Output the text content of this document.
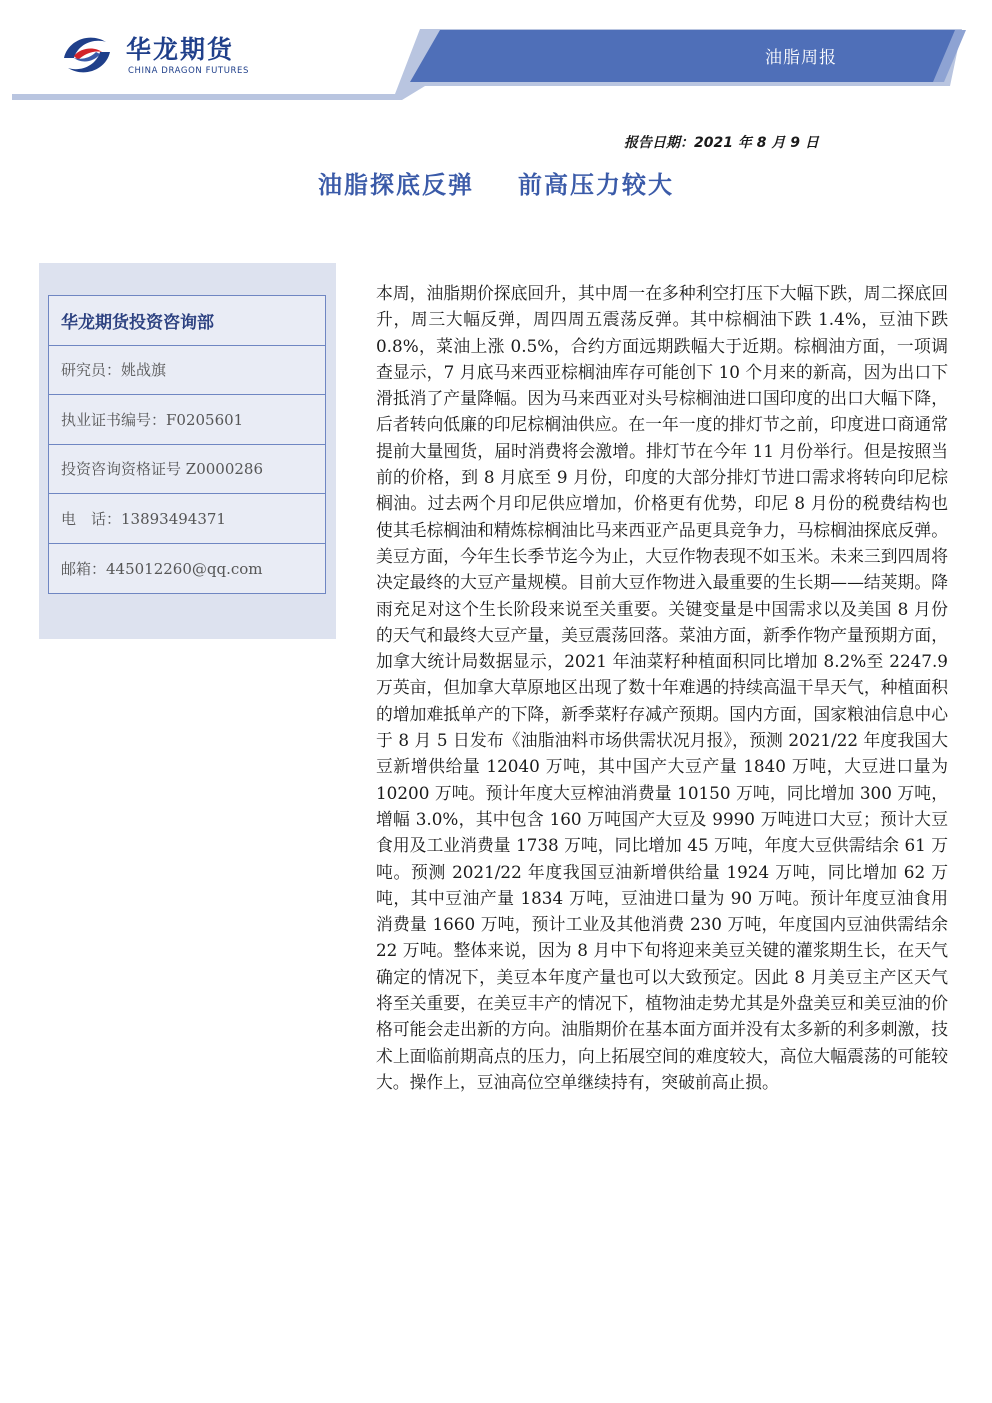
油脂周报
华龙期货
CHINA DRAGON FUTURES
报告日期：2021 年 8 月 9 日
油脂探底反弹 前高压力较大
华龙期货投资咨询部
研究员：姚战旗
执业证书编号：F0205601
投资咨询资格证号 Z0000286
电　话：13893494371
邮箱：445012260@qq.com

本周，油脂期价探底回升，其中周一在多种利空打压下大幅下跌，周二探底回升，周三大幅反弹，周四周五震荡反弹。其中棕榈油下跌 1.4%，豆油下跌 0.8%，菜油上涨 0.5%，合约方面远期跌幅大于近期。棕榈油方面，一项调查显示，7 月底马来西亚棕榈油库存可能创下 10 个月来的新高，因为出口下滑抵消了产量降幅。因为马来西亚对头号棕榈油进口国印度的出口大幅下降，后者转向低廉的印尼棕榈油供应。在一年一度的排灯节之前，印度进口商通常提前大量囤货，届时消费将会激增。排灯节在今年 11 月份举行。但是按照当前的价格，到 8 月底至 9 月份，印度的大部分排灯节进口需求将转向印尼棕榈油。过去两个月印尼供应增加，价格更有优势，印尼 8 月份的税费结构也使其毛棕榈油和精炼棕榈油比马来西亚产品更具竞争力，马棕榈油探底反弹。美豆方面，今年生长季节迄今为止，大豆作物表现不如玉米。未来三到四周将决定最终的大豆产量规模。目前大豆作物进入最重要的生长期——结荚期。降雨充足对这个生长阶段来说至关重要。关键变量是中国需求以及美国 8 月份的天气和最终大豆产量，美豆震荡回落。菜油方面，新季作物产量预期方面，加拿大统计局数据显示，2021 年油菜籽种植面积同比增加 8.2%至 2247.9 万英亩，但加拿大草原地区出现了数十年难遇的持续高温干旱天气，种植面积的增加难抵单产的下降，新季菜籽存减产预期。国内方面，国家粮油信息中心于 8 月 5 日发布《油脂油料市场供需状况月报》，预测 2021/22 年度我国大豆新增供给量 12040 万吨，其中国产大豆产量 1840 万吨，大豆进口量为 10200 万吨。预计年度大豆榨油消费量 10150 万吨，同比增加 300 万吨，增幅 3.0%，其中包含 160 万吨国产大豆及 9990 万吨进口大豆；预计大豆食用及工业消费量 1738 万吨，同比增加 45 万吨，年度大豆供需结余 61 万吨。预测 2021/22 年度我国豆油新增供给量 1924 万吨，同比增加 62 万吨，其中豆油产量 1834 万吨，豆油进口量为 90 万吨。预计年度豆油食用消费量 1660 万吨，预计工业及其他消费 230 万吨，年度国内豆油供需结余 22 万吨。整体来说，因为 8 月中下旬将迎来美豆关键的灌浆期生长，在天气确定的情况下，美豆本年度产量也可以大致预定。因此 8 月美豆主产区天气将至关重要，在美豆丰产的情况下，植物油走势尤其是外盘美豆和美豆油的价格可能会走出新的方向。油脂期价在基本面方面并没有太多新的利多刺激，技术上面临前期高点的压力，向上拓展空间的难度较大，高位大幅震荡的可能较大。操作上，豆油高位空单继续持有，突破前高止损。
